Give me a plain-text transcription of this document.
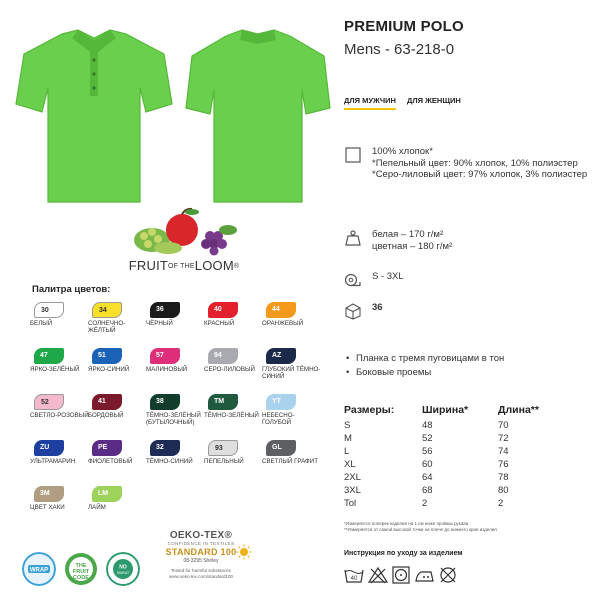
FRUITOF THELOOM®
Палитра цветов:
30
БЕЛЫЙ
34
СОЛНЕЧНО-ЖЁЛТЫЙ
36
ЧЁРНЫЙ
40
КРАСНЫЙ
44
ОРАНЖЕВЫЙ
47
ЯРКО-ЗЕЛЁНЫЙ
51
ЯРКО-СИНИЙ
57
МАЛИНОВЫЙ
94
СЕРО-ЛИЛОВЫЙ
AZ
ГЛУБОКИЙ ТЁМНО-СИНИЙ
52
СВЕТЛО-РОЗОВЫЙ
41
БОРДОВЫЙ
38
ТЁМНО-ЗЕЛЁНЫЙ (БУТЫЛОЧНЫЙ)
TM
ТЁМНО-ЗЕЛЁНЫЙ
YT
НЕБЕСНО-ГОЛУБОЙ
ZU
УЛЬТРАМАРИН
PE
ФИОЛЕТОВЫЙ
32
ТЁМНО-СИНИЙ
93
ПЕПЕЛЬНЫЙ
GL
СВЕТЛЫЙ ГРАФИТ
3M
ЦВЕТ ХАКИ
LM
ЛАЙМ
WRAP
THE
FRUIT
CODE
NO
SWEAT
OEKO-TEX®
CONFIDENCE IN TEXTILES
STANDARD 100
08-3295 Shirley
Tested for harmful substances
www.oeko-tex.com/standard100
PREMIUM POLO
Mens - 63-218-0
ДЛЯ МУЖЧИН ДЛЯ ЖЕНЩИН
100% хлопок*
*Пепельный цвет: 90% хлопок, 10% полиэстер
*Серо-лиловый цвет: 97% хлопок, 3% полиэстер
белая – 170 г/м²
цветная – 180 г/м²
S - 3XL
36
• Планка с тремя пуговицами в тон
• Боковые проемы
Размеры:	Ширина*	Длина**
S	48	70
M	52	72
L	56	74
XL	60	76
2XL	64	78
3XL	68	80
Tol	2	2
*Измеряется поперек изделия на 1 см ниже проймы рукава
**Измеряется от самой высокой точки на плече до нижнего края изделия
Инструкция по уходу за изделием
40
